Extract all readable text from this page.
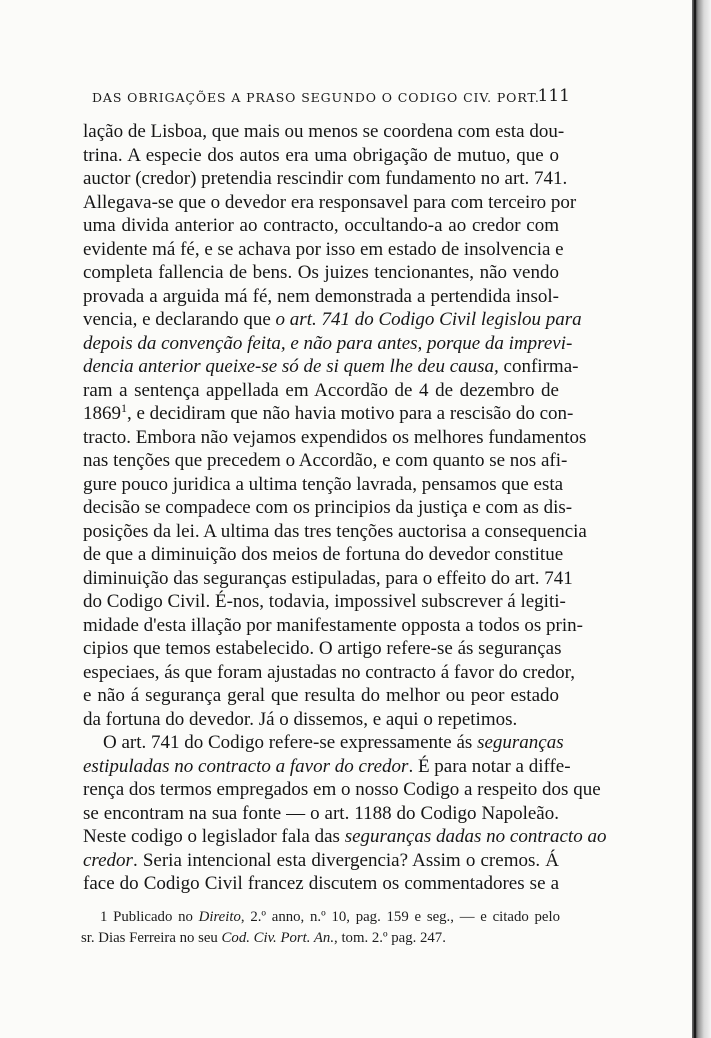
DAS OBRIGAÇÕES A PRASO SEGUNDO O CODIGO CIV. PORT.
111
lação de Lisboa, que mais ou menos se coordena com esta dou-
trina. A especie dos autos era uma obrigação de mutuo, que o
auctor (credor) pretendia rescindir com fundamento no art. 741.
Allegava-se que o devedor era responsavel para com terceiro por
uma divida anterior ao contracto, occultando-a ao credor com
evidente má fé, e se achava por isso em estado de insolvencia e
completa fallencia de bens. Os juizes tencionantes, não vendo
provada a arguida má fé, nem demonstrada a pertendida insol-
vencia, e declarando que o art. 741 do Codigo Civil legislou para
depois da convenção feita, e não para antes, porque da imprevi-
dencia anterior queixe-se só de si quem lhe deu causa, confirma-
ram a sentença appellada em Accordão de 4 de dezembro de
1869$^1$, e decidiram que não havia motivo para a rescisão do con-
tracto. Embora não vejamos expendidos os melhores fundamentos
nas tenções que precedem o Accordão, e com quanto se nos afi-
gure pouco juridica a ultima tenção lavrada, pensamos que esta
decisão se compadece com os principios da justiça e com as dis-
posições da lei. A ultima das tres tenções auctorisa a consequencia
de que a diminuição dos meios de fortuna do devedor constitue
diminuição das seguranças estipuladas, para o effeito do art. 741
do Codigo Civil. É-nos, todavia, impossivel subscrever á legiti-
midade d'esta illação por manifestamente opposta a todos os prin-
cipios que temos estabelecido. O artigo refere-se ás seguranças
especiaes, ás que foram ajustadas no contracto á favor do credor,
e não á segurança geral que resulta do melhor ou peor estado
da fortuna do devedor. Já o dissemos, e aqui o repetimos.
O art. 741 do Codigo refere-se expressamente ás seguranças
estipuladas no contracto a favor do credor. É para notar a diffe-
rença dos termos empregados em o nosso Codigo a respeito dos que
se encontram na sua fonte — o art. 1188 do Codigo Napoleão.
Neste codigo o legislador fala das seguranças dadas no contracto ao
credor. Seria intencional esta divergencia? Assim o cremos. Á
face do Codigo Civil francez discutem os commentadores se a
1 Publicado no Direito, 2.º anno, n.º 10, pag. 159 e seg., — e citado pelo
sr. Dias Ferreira no seu Cod. Civ. Port. An., tom. 2.º pag. 247.
